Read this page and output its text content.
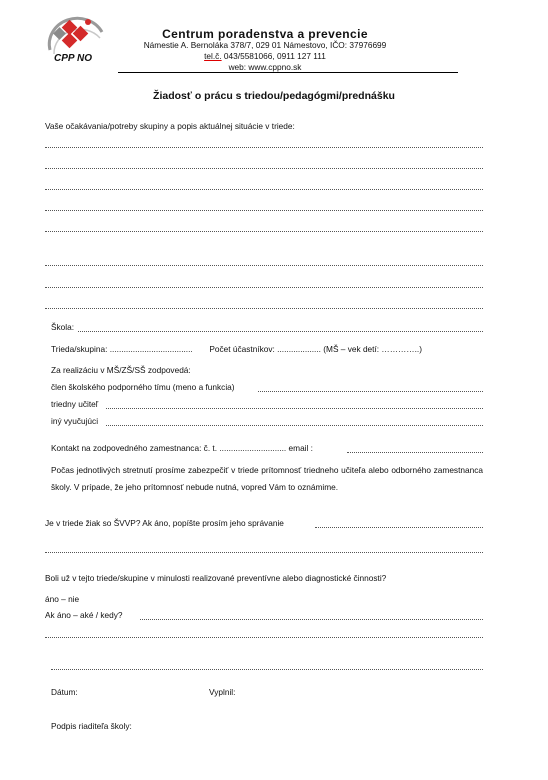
CPP NO
Centrum poradenstva a prevencie
Námestie A. Bernoláka 378/7, 029 01 Námestovo, IČO: 37976699
tel.č. 043/5581066, 0911 127 111
web: www.cppno.sk
Žiadosť o prácu s triedou/pedagógmi/prednášku
Vaše očakávania/potreby skupiny a popis aktuálnej situácie v triede:
Škola:
Trieda/skupina: .................................... Počet účastníkov: ................... (MŠ – vek detí: …………..)
Za realizáciu v MŠ/ZŠ/SŠ zodpovedá:
člen školského podporného tímu (meno a funkcia)
triedny učiteľ
iný vyučujúci
Kontakt na zodpovedného zamestnanca: č. t. ............................. email :
Počas jednotlivých stretnutí prosíme zabezpečiť v triede prítomnosť triedneho učiteľa alebo odborného zamestnanca školy. V prípade, že jeho prítomnosť nebude nutná, vopred Vám to oznámime.
Je v triede žiak so ŠVVP? Ak áno, popíšte prosím jeho správanie
Boli už v tejto triede/skupine v minulosti realizované preventívne alebo diagnostické činnosti?
áno – nie
Ak áno – aké / kedy?
Dátum:	Vyplnil:
Podpis riaditeľa školy:
